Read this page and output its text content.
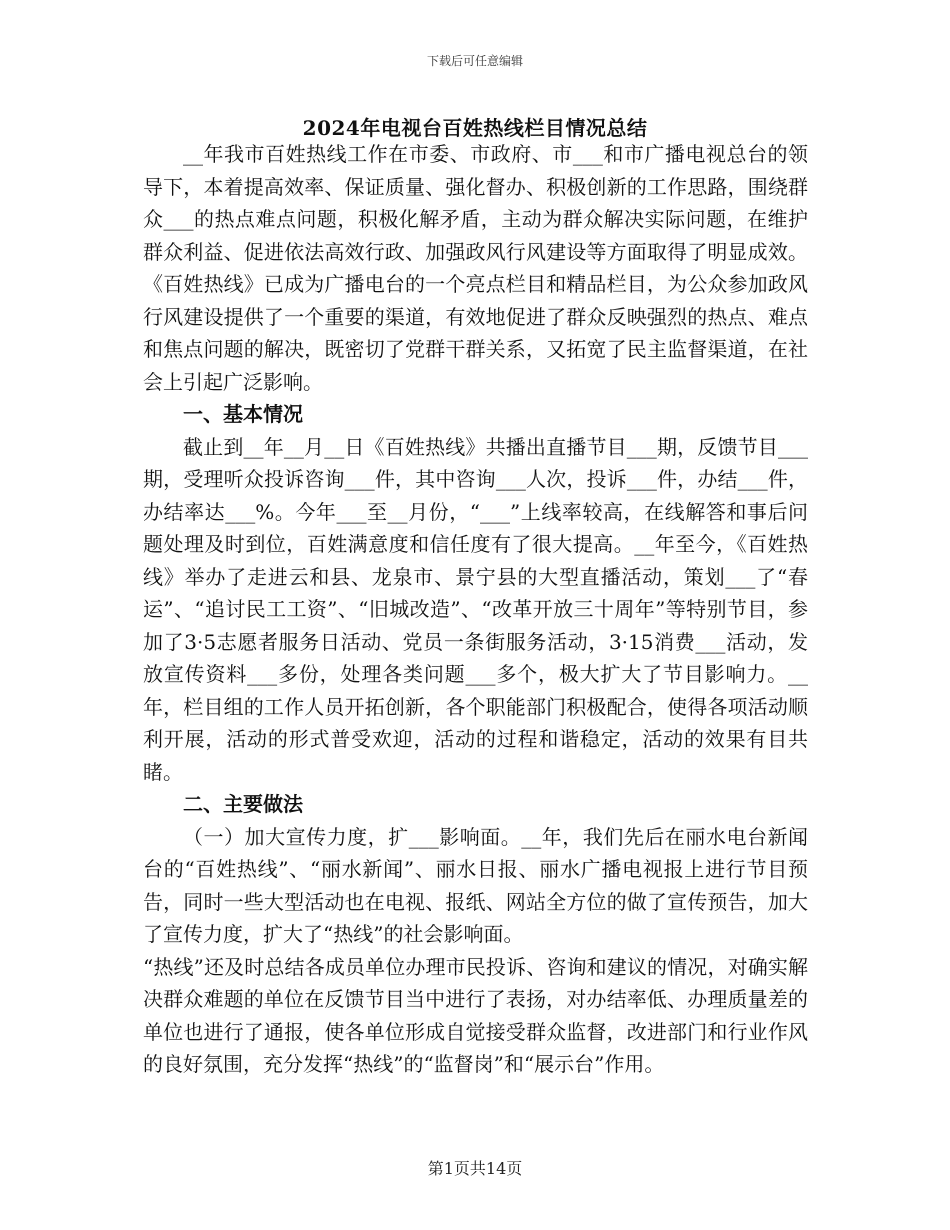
下载后可任意编辑
2024年电视台百姓热线栏目情况总结

__年我市百姓热线工作在市委、市政府、市___和市广播电视总台的领导下，本着提高效率、保证质量、强化督办、积极创新的工作思路，围绕群众___的热点难点问题，积极化解矛盾，主动为群众解决实际问题，在维护群众利益、促进依法高效行政、加强政风行风建设等方面取得了明显成效。《百姓热线》已成为广播电台的一个亮点栏目和精品栏目，为公众参加政风行风建设提供了一个重要的渠道，有效地促进了群众反映强烈的热点、难点和焦点问题的解决，既密切了党群干群关系，又拓宽了民主监督渠道，在社会上引起广泛影响。

一、基本情况

截止到__年__月__日《百姓热线》共播出直播节目___期，反馈节目___期，受理听众投诉咨询___件，其中咨询___人次，投诉___件，办结___件，办结率达___%。今年___至__月份，“___”上线率较高，在线解答和事后问题处理及时到位，百姓满意度和信任度有了很大提高。__年至今，《百姓热线》举办了走进云和县、龙泉市、景宁县的大型直播活动，策划___了“春运”、“追讨民工工资”、“旧城改造”、“改革开放三十周年”等特别节目，参加了3·5志愿者服务日活动、党员一条街服务活动，3·15消费___活动，发放宣传资料___多份，处理各类问题___多个，极大扩大了节目影响力。__年，栏目组的工作人员开拓创新，各个职能部门积极配合，使得各项活动顺利开展，活动的形式普受欢迎，活动的过程和谐稳定，活动的效果有目共睹。

二、主要做法

（一）加大宣传力度，扩___影响面。__年，我们先后在丽水电台新闻台的“百姓热线”、“丽水新闻”、丽水日报、丽水广播电视报上进行节目预告，同时一些大型活动也在电视、报纸、网站全方位的做了宣传预告，加大了宣传力度，扩大了“热线”的社会影响面。

“热线”还及时总结各成员单位办理市民投诉、咨询和建议的情况，对确实解决群众难题的单位在反馈节目当中进行了表扬，对办结率低、办理质量差的单位也进行了通报，使各单位形成自觉接受群众监督，改进部门和行业作风的良好氛围，充分发挥“热线”的“监督岗”和“展示台”作用。

第1页共14页
